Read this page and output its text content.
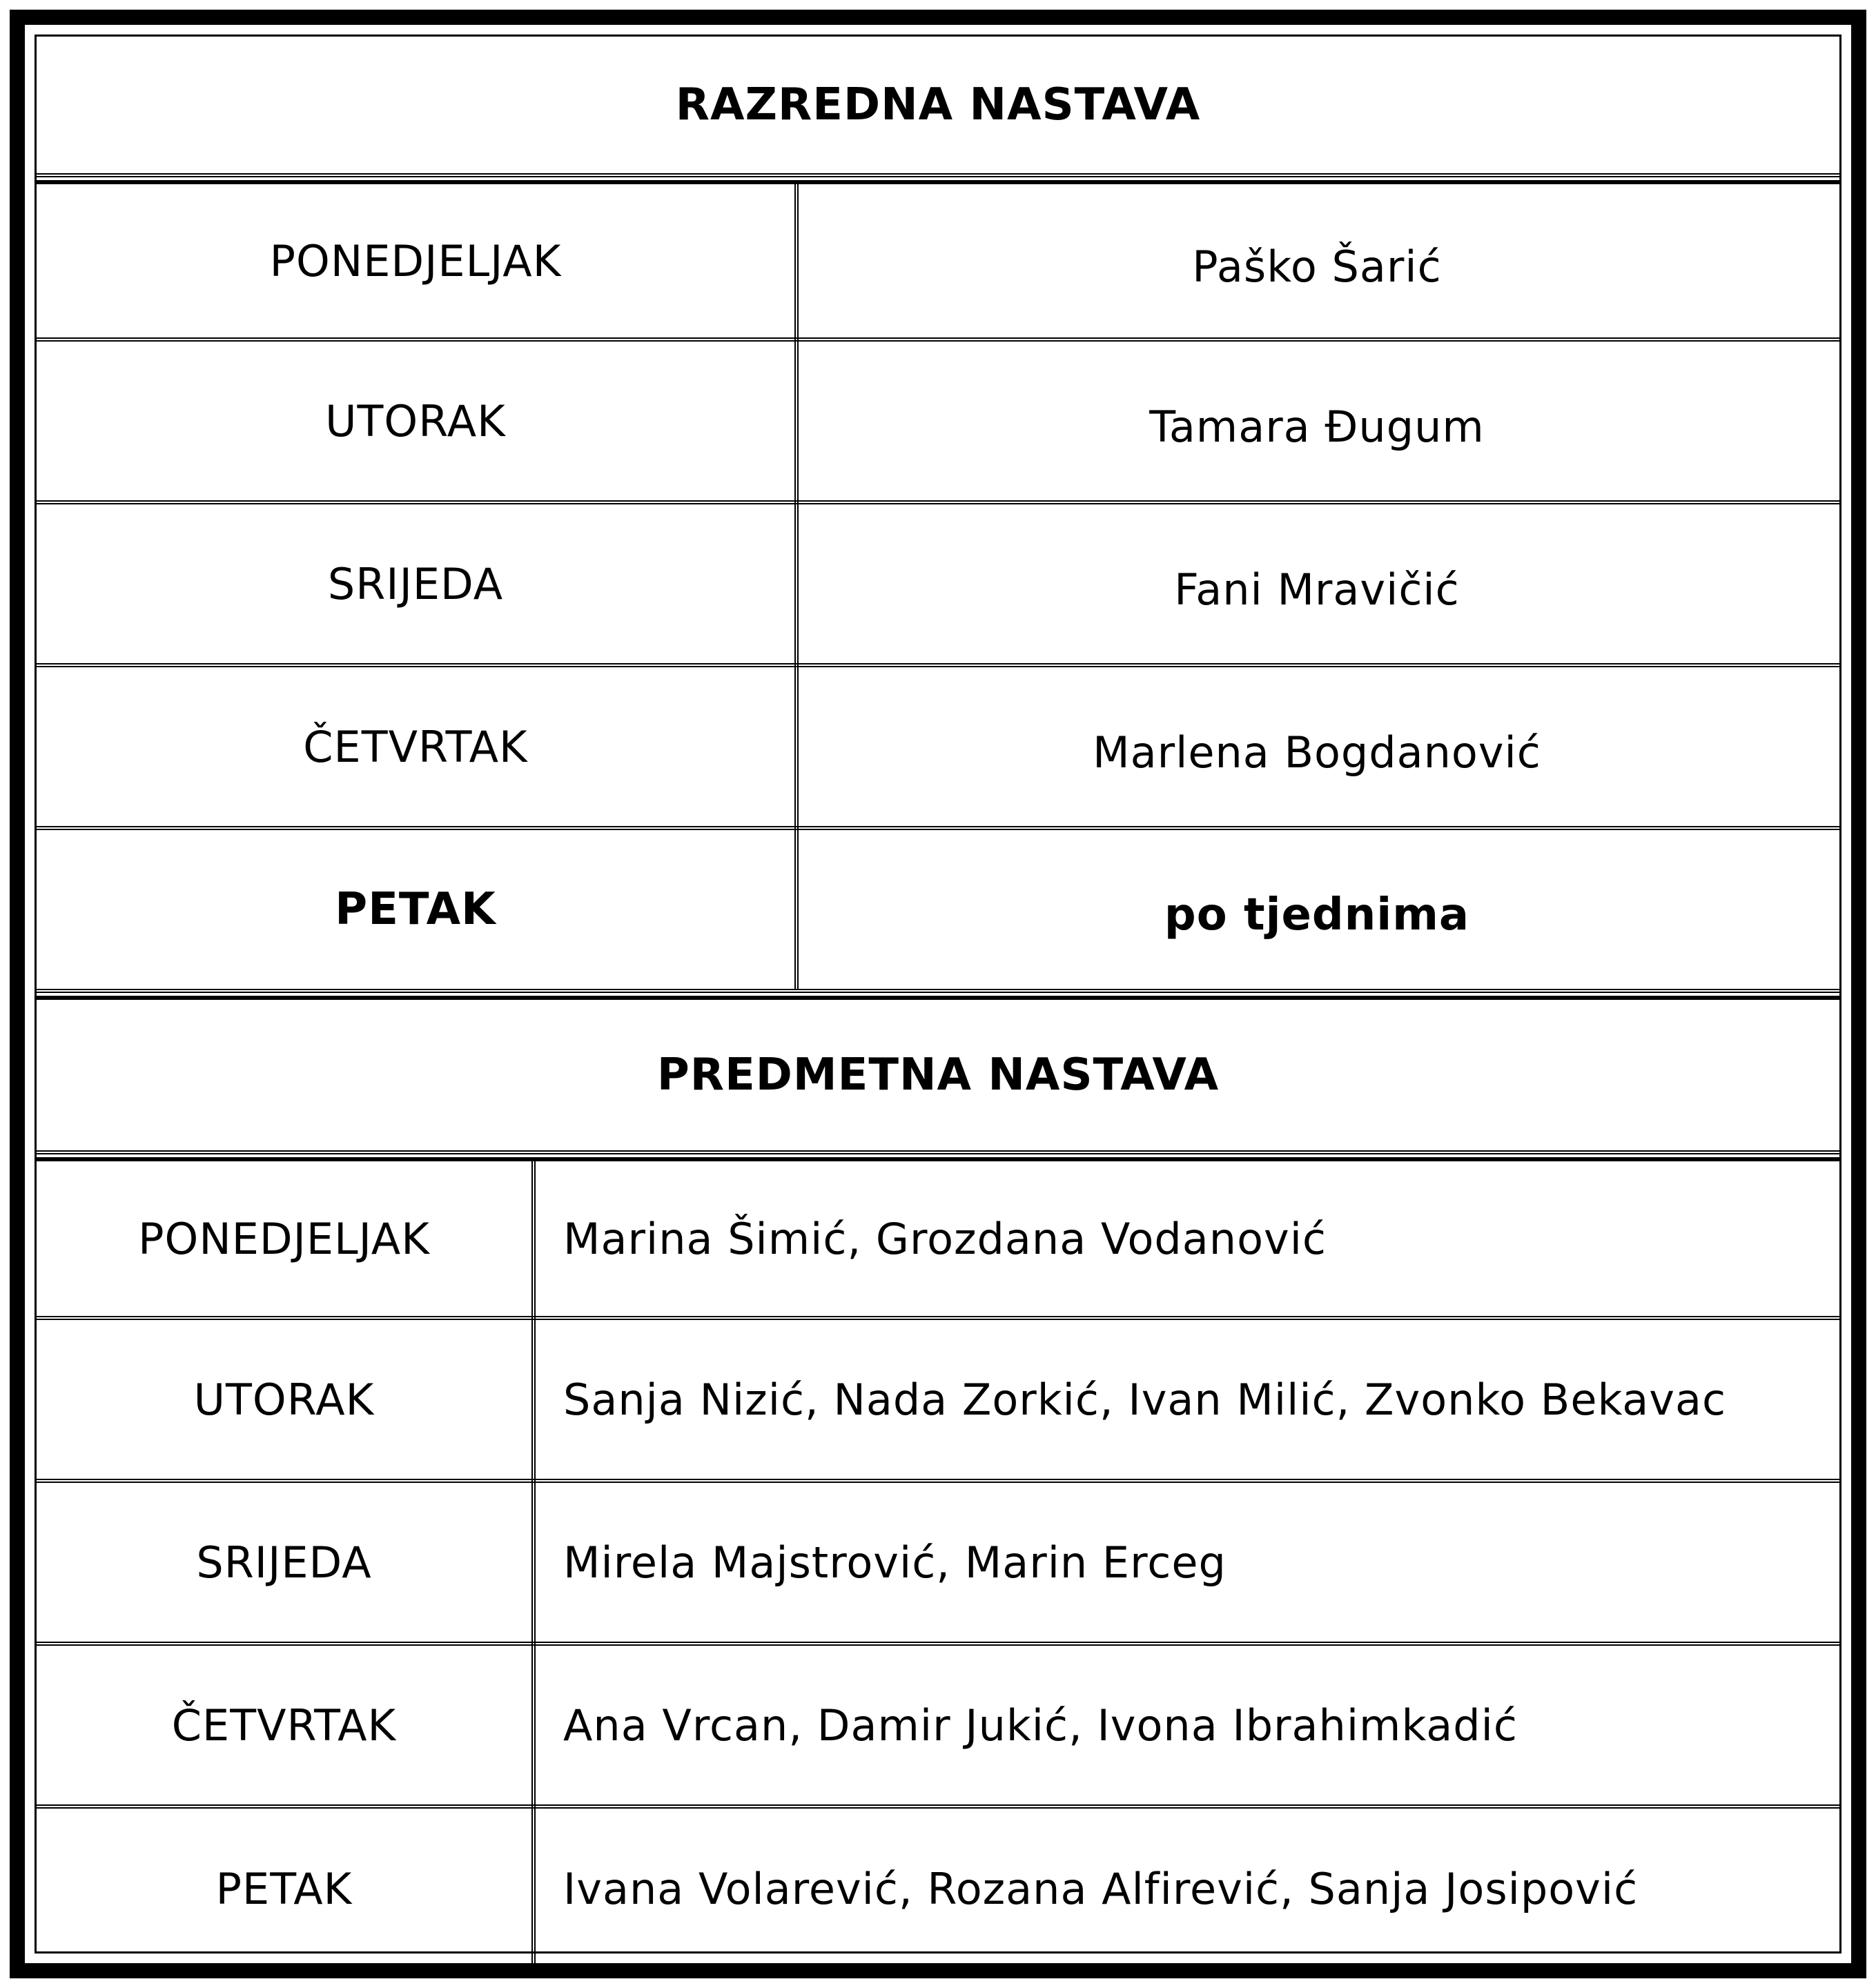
RAZREDNA NASTAVA
PONEDJELJAK	Paško Šarić
UTORAK	Tamara Đugum
SRIJEDA	Fani Mravičić
ČETVRTAK	Marlena Bogdanović
PETAK	po tjednima
PREDMETNA NASTAVA
PONEDJELJAK	Marina Šimić, Grozdana Vodanović
UTORAK	Sanja Nizić, Nada Zorkić, Ivan Milić, Zvonko Bekavac
SRIJEDA	Mirela Majstrović, Marin Erceg
ČETVRTAK	Ana Vrcan, Damir Jukić, Ivona Ibrahimkadić
PETAK	Ivana Volarević, Rozana Alfirević, Sanja Josipović
